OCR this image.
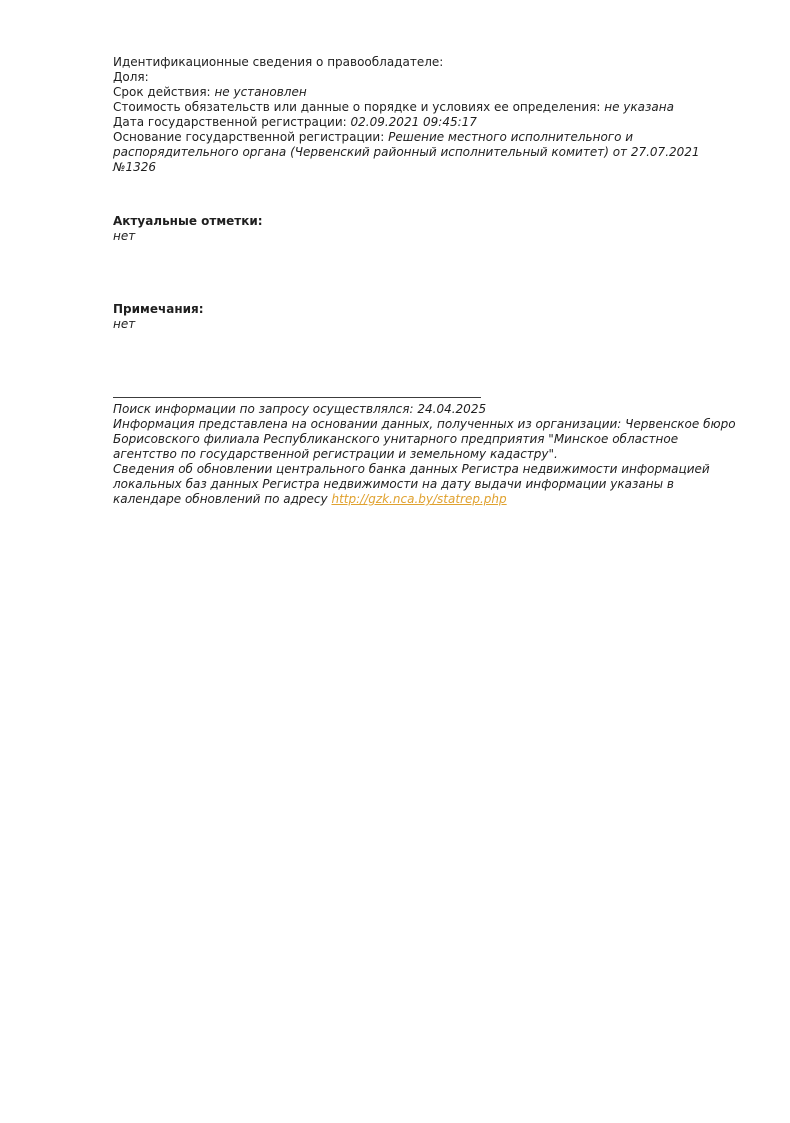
Идентификационные сведения о правообладателе:
Доля:
Срок действия: не установлен
Стоимость обязательств или данные о порядке и условиях ее определения: не указана
Дата государственной регистрации: 02.09.2021 09:45:17
Основание государственной регистрации: Решение местного исполнительного и распорядительного органа (Червенский районный исполнительный комитет) от 27.07.2021 №1326
Актуальные отметки:
нет
Примечания:
нет
Поиск информации по запросу осуществлялся: 24.04.2025
Информация представлена на основании данных, полученных из организации: Червенское бюро Борисовского филиала Республиканского унитарного предприятия "Минское областное агентство по государственной регистрации и земельному кадастру".
Сведения об обновлении центрального банка данных Регистра недвижимости информацией локальных баз данных Регистра недвижимости на дату выдачи информации указаны в календаре обновлений по адресу http://gzk.nca.by/statrep.php
